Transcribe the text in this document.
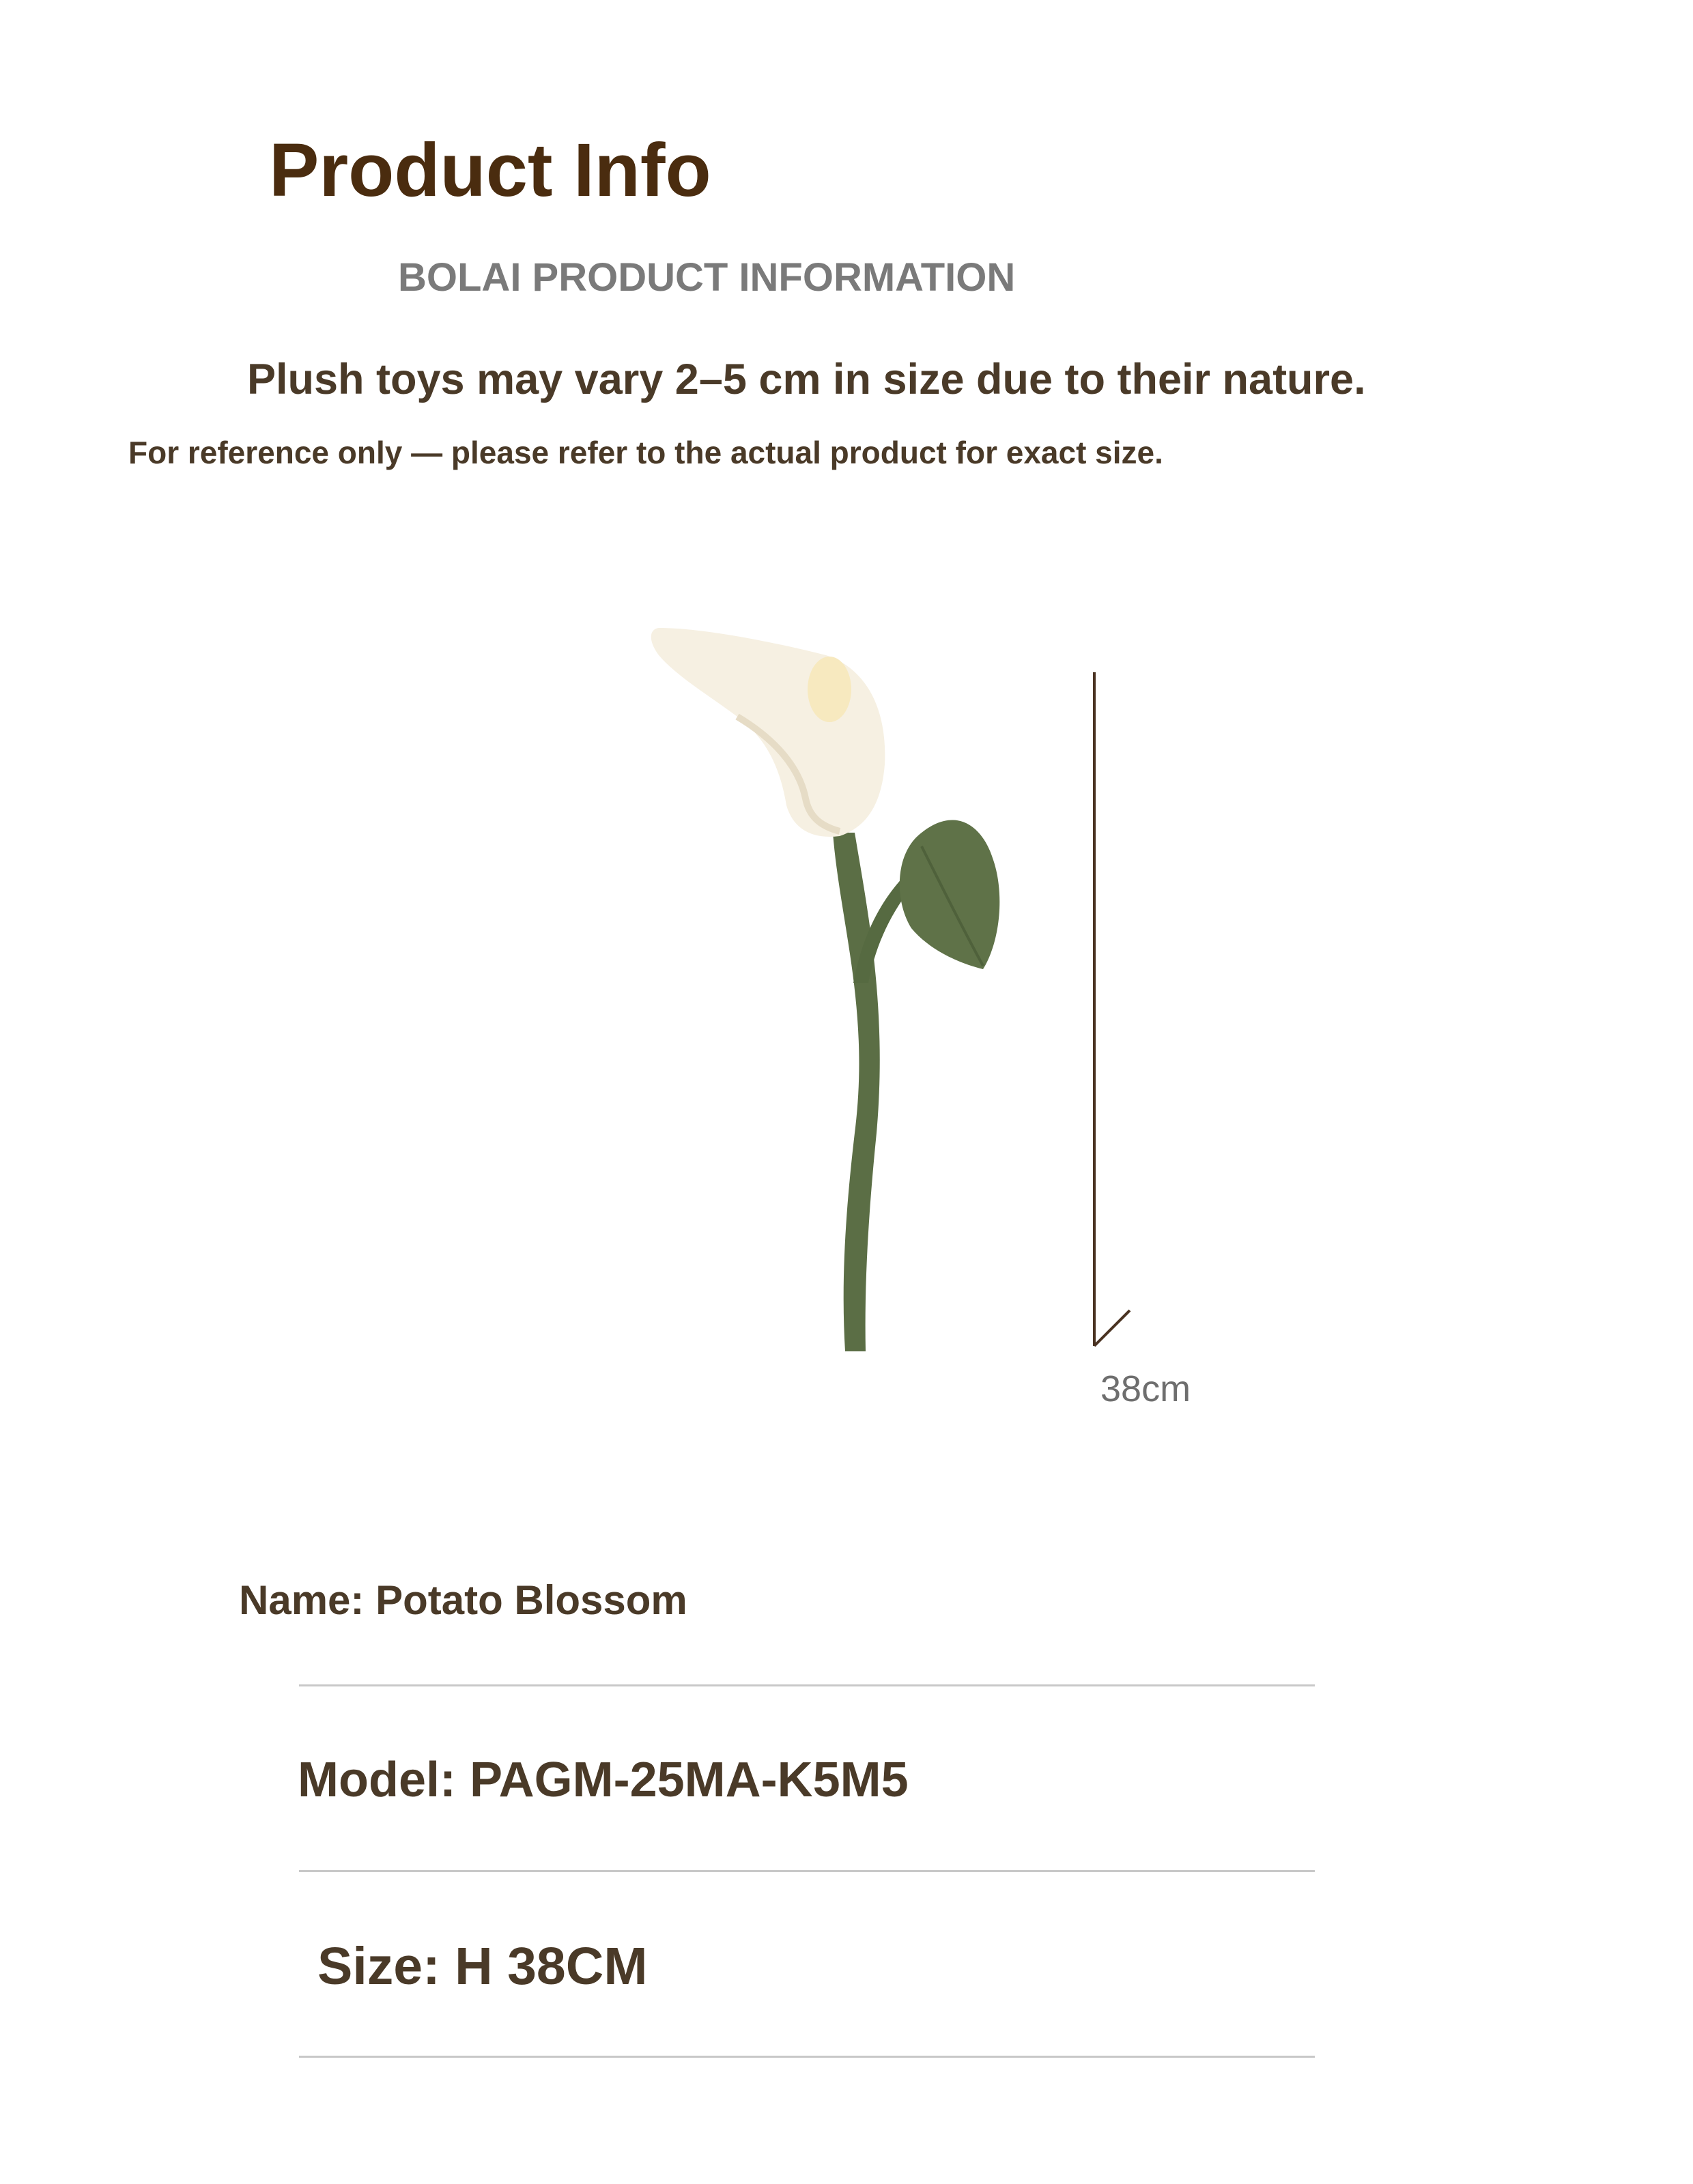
Product Info
BOLAI PRODUCT INFORMATION
Plush toys may vary 2–5 cm in size due to their nature.
For reference only — please refer to the actual product for exact size.
38cm
Name: Potato Blossom
Model: PAGM-25MA-K5M5
Size: H 38CM
